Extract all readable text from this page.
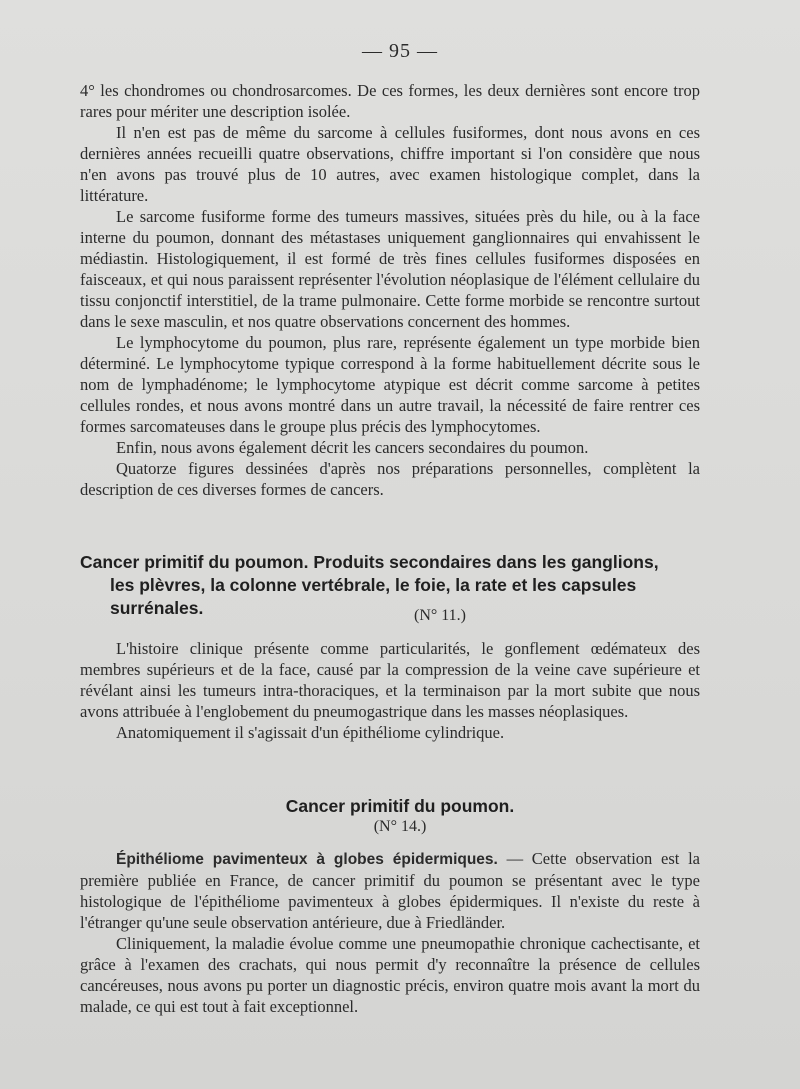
— 95 —

4° les chondromes ou chondrosarcomes. De ces formes, les deux dernières sont encore trop rares pour mériter une description isolée.

Il n'en est pas de même du sarcome à cellules fusiformes, dont nous avons en ces dernières années recueilli quatre observations, chiffre important si l'on considère que nous n'en avons pas trouvé plus de 10 autres, avec examen histologique complet, dans la littérature.

Le sarcome fusiforme forme des tumeurs massives, situées près du hile, ou à la face interne du poumon, donnant des métastases uniquement ganglionnaires qui envahissent le médiastin. Histologiquement, il est formé de très fines cellules fusiformes disposées en faisceaux, et qui nous paraissent représenter l'évolution néoplasique de l'élément cellulaire du tissu conjonctif interstitiel, de la trame pulmonaire. Cette forme morbide se rencontre surtout dans le sexe masculin, et nos quatre observations concernent des hommes.

Le lymphocytome du poumon, plus rare, représente également un type morbide bien déterminé. Le lymphocytome typique correspond à la forme habituellement décrite sous le nom de lymphadénome; le lymphocytome atypique est décrit comme sarcome à petites cellules rondes, et nous avons montré dans un autre travail, la nécessité de faire rentrer ces formes sarcomateuses dans le groupe plus précis des lymphocytomes.

Enfin, nous avons également décrit les cancers secondaires du poumon.

Quatorze figures dessinées d'après nos préparations personnelles, complètent la description de ces diverses formes de cancers.

Cancer primitif du poumon. Produits secondaires dans les ganglions,
les plèvres, la colonne vertébrale, le foie, la rate et les capsules surrénales.	(N° 11.)

L'histoire clinique présente comme particularités, le gonflement œdémateux des membres supérieurs et de la face, causé par la compression de la veine cave supérieure et révélant ainsi les tumeurs intra-thoraciques, et la terminaison par la mort subite que nous avons attribuée à l'englobement du pneumogastrique dans les masses néoplasiques.

Anatomiquement il s'agissait d'un épithéliome cylindrique.

Cancer primitif du poumon.
(N° 14.)

Épithéliome pavimenteux à globes épidermiques. — Cette observation est la première publiée en France, de cancer primitif du poumon se présentant avec le type histologique de l'épithéliome pavimenteux à globes épidermiques. Il n'existe du reste à l'étranger qu'une seule observation antérieure, due à Friedländer.

Cliniquement, la maladie évolue comme une pneumopathie chronique cachectisante, et grâce à l'examen des crachats, qui nous permit d'y reconnaître la présence de cellules cancéreuses, nous avons pu porter un diagnostic précis, environ quatre mois avant la mort du malade, ce qui est tout à fait exceptionnel.
